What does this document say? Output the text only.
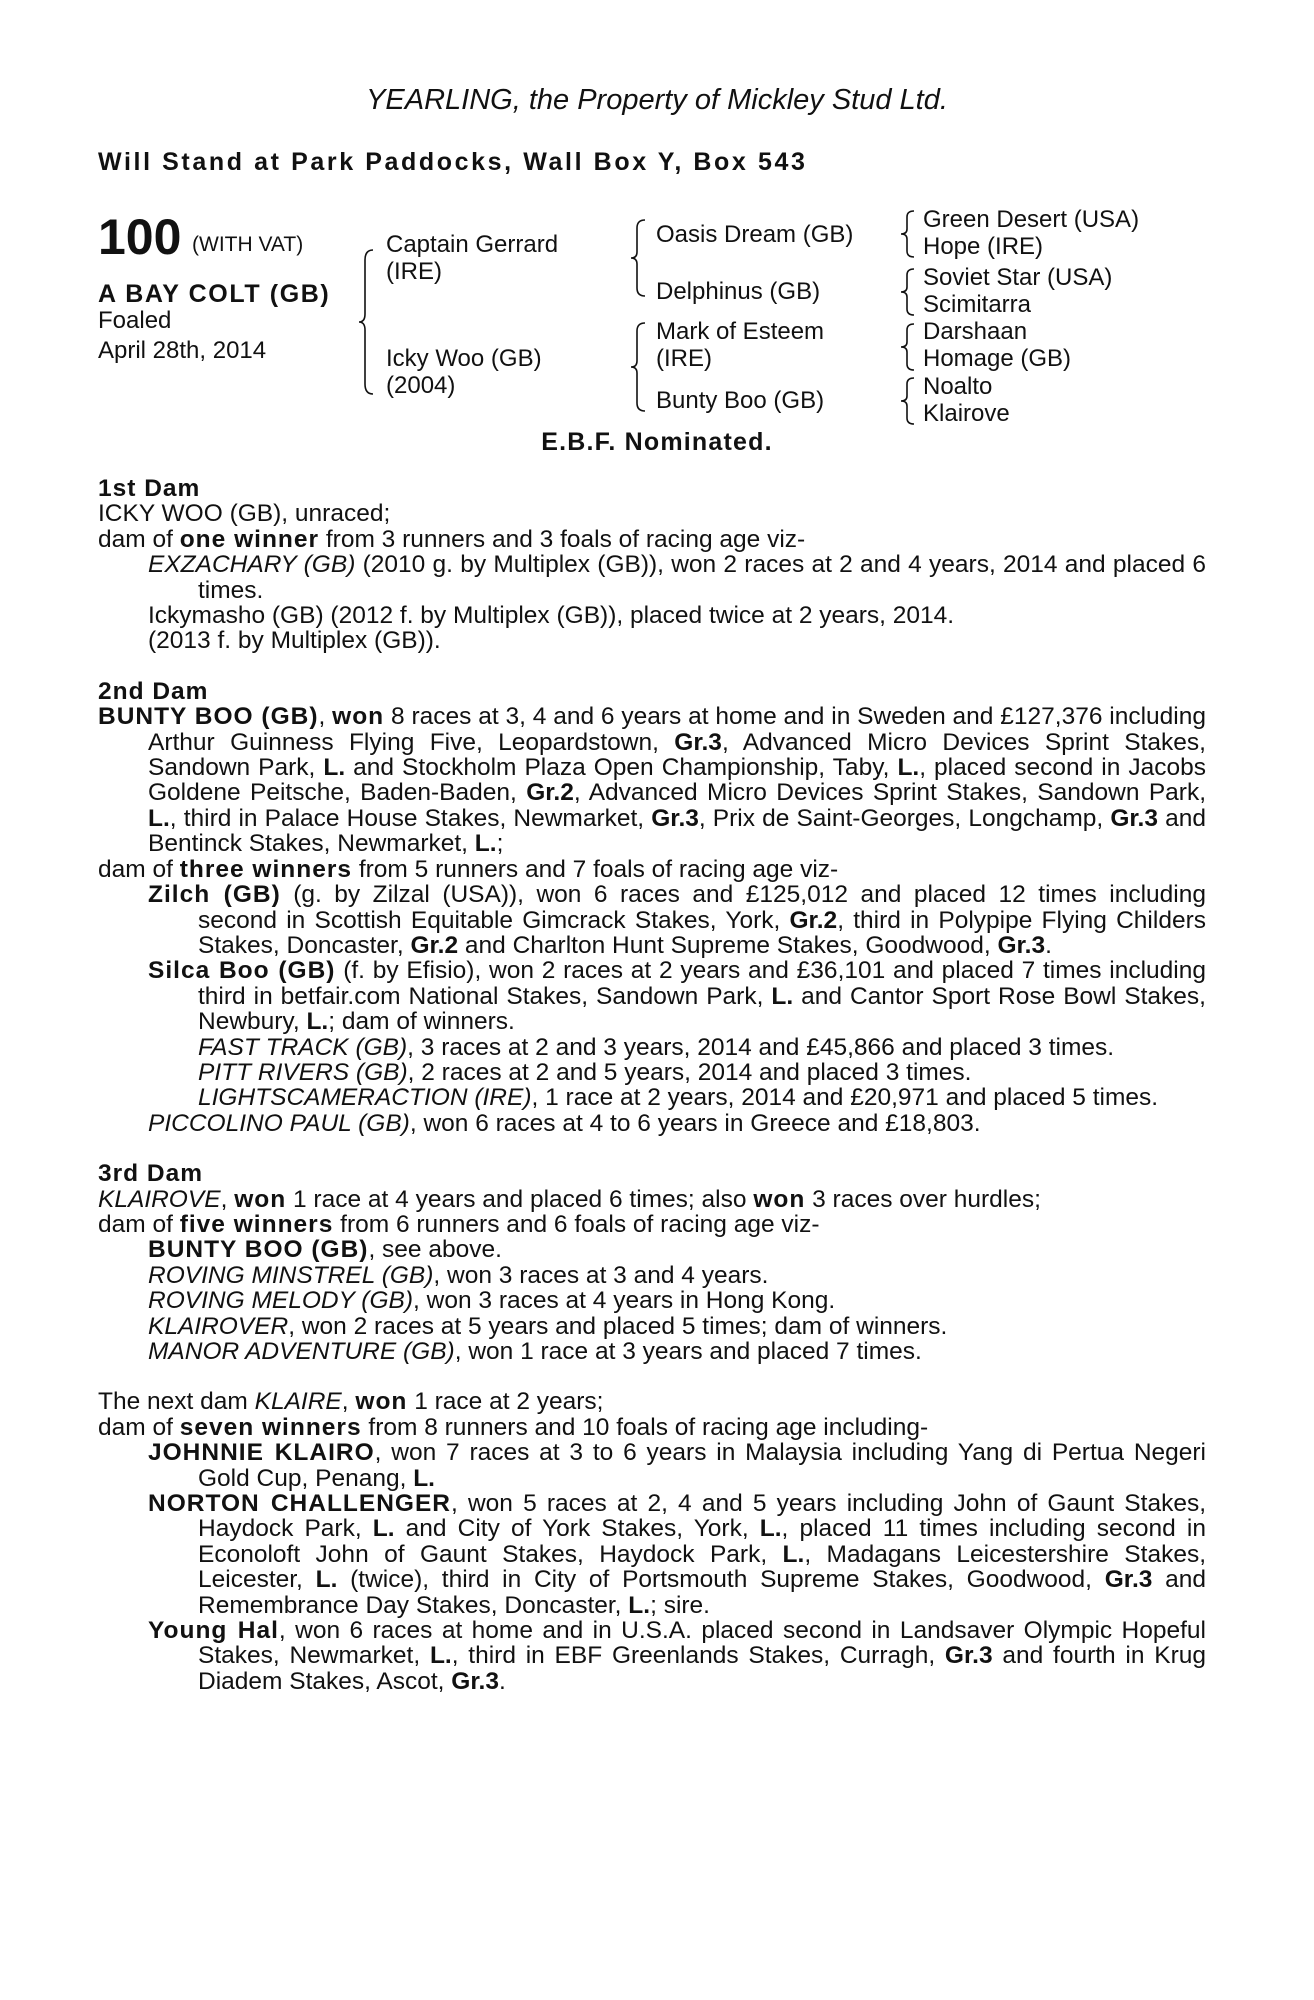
YEARLING, the Property of Mickley Stud Ltd.
Will Stand at Park Paddocks, Wall Box Y, Box 543
100 (WITH VAT)
A BAY COLT (GB)
Foaled
April 28th, 2014
Captain Gerrard
(IRE)
Icky Woo (GB)
(2004)
Oasis Dream (GB)
Delphinus (GB)
Mark of Esteem
(IRE)
Bunty Boo (GB)
Green Desert (USA)
Hope (IRE)
Soviet Star (USA)
Scimitarra
Darshaan
Homage (GB)
Noalto
Klairove
E.B.F. Nominated.

1st Dam

ICKY WOO (GB), unraced;

dam of one winner from 3 runners and 3 foals of racing age viz-

EXZACHARY (GB) (2010 g. by Multiplex (GB)), won 2 races at 2 and 4 years, 2014 and placed 6 times.

Ickymasho (GB) (2012 f. by Multiplex (GB)), placed twice at 2 years, 2014.

(2013 f. by Multiplex (GB)).

2nd Dam

BUNTY BOO (GB), won 8 races at 3, 4 and 6 years at home and in Sweden and £127,376 including Arthur Guinness Flying Five, Leopardstown, Gr.3, Advanced Micro Devices Sprint Stakes, Sandown Park, L. and Stockholm Plaza Open Championship, Taby, L., placed second in Jacobs Goldene Peitsche, Baden-Baden, Gr.2, Advanced Micro Devices Sprint Stakes, Sandown Park, L., third in Palace House Stakes, Newmarket, Gr.3, Prix de Saint-Georges, Longchamp, Gr.3 and Bentinck Stakes, Newmarket, L.;

dam of three winners from 5 runners and 7 foals of racing age viz-

Zilch (GB) (g. by Zilzal (USA)), won 6 races and £125,012 and placed 12 times including second in Scottish Equitable Gimcrack Stakes, York, Gr.2, third in Polypipe Flying Childers Stakes, Doncaster, Gr.2 and Charlton Hunt Supreme Stakes, Goodwood, Gr.3.

Silca Boo (GB) (f. by Efisio), won 2 races at 2 years and £36,101 and placed 7 times including third in betfair.com National Stakes, Sandown Park, L. and Cantor Sport Rose Bowl Stakes, Newbury, L.; dam of winners.

FAST TRACK (GB), 3 races at 2 and 3 years, 2014 and £45,866 and placed 3 times.

PITT RIVERS (GB), 2 races at 2 and 5 years, 2014 and placed 3 times.

LIGHTSCAMERACTION (IRE), 1 race at 2 years, 2014 and £20,971 and placed 5 times.

PICCOLINO PAUL (GB), won 6 races at 4 to 6 years in Greece and £18,803.

3rd Dam

KLAIROVE, won 1 race at 4 years and placed 6 times; also won 3 races over hurdles;

dam of five winners from 6 runners and 6 foals of racing age viz-

BUNTY BOO (GB), see above.

ROVING MINSTREL (GB), won 3 races at 3 and 4 years.

ROVING MELODY (GB), won 3 races at 4 years in Hong Kong.

KLAIROVER, won 2 races at 5 years and placed 5 times; dam of winners.

MANOR ADVENTURE (GB), won 1 race at 3 years and placed 7 times.

The next dam KLAIRE, won 1 race at 2 years;

dam of seven winners from 8 runners and 10 foals of racing age including-

JOHNNIE KLAIRO, won 7 races at 3 to 6 years in Malaysia including Yang di Pertua Negeri Gold Cup, Penang, L.

NORTON CHALLENGER, won 5 races at 2, 4 and 5 years including John of Gaunt Stakes, Haydock Park, L. and City of York Stakes, York, L., placed 11 times including second in Econoloft John of Gaunt Stakes, Haydock Park, L., Madagans Leicestershire Stakes, Leicester, L. (twice), third in City of Portsmouth Supreme Stakes, Goodwood, Gr.3 and Remembrance Day Stakes, Doncaster, L.; sire.

Young Hal, won 6 races at home and in U.S.A. placed second in Landsaver Olympic Hopeful Stakes, Newmarket, L., third in EBF Greenlands Stakes, Curragh, Gr.3 and fourth in Krug Diadem Stakes, Ascot, Gr.3.
